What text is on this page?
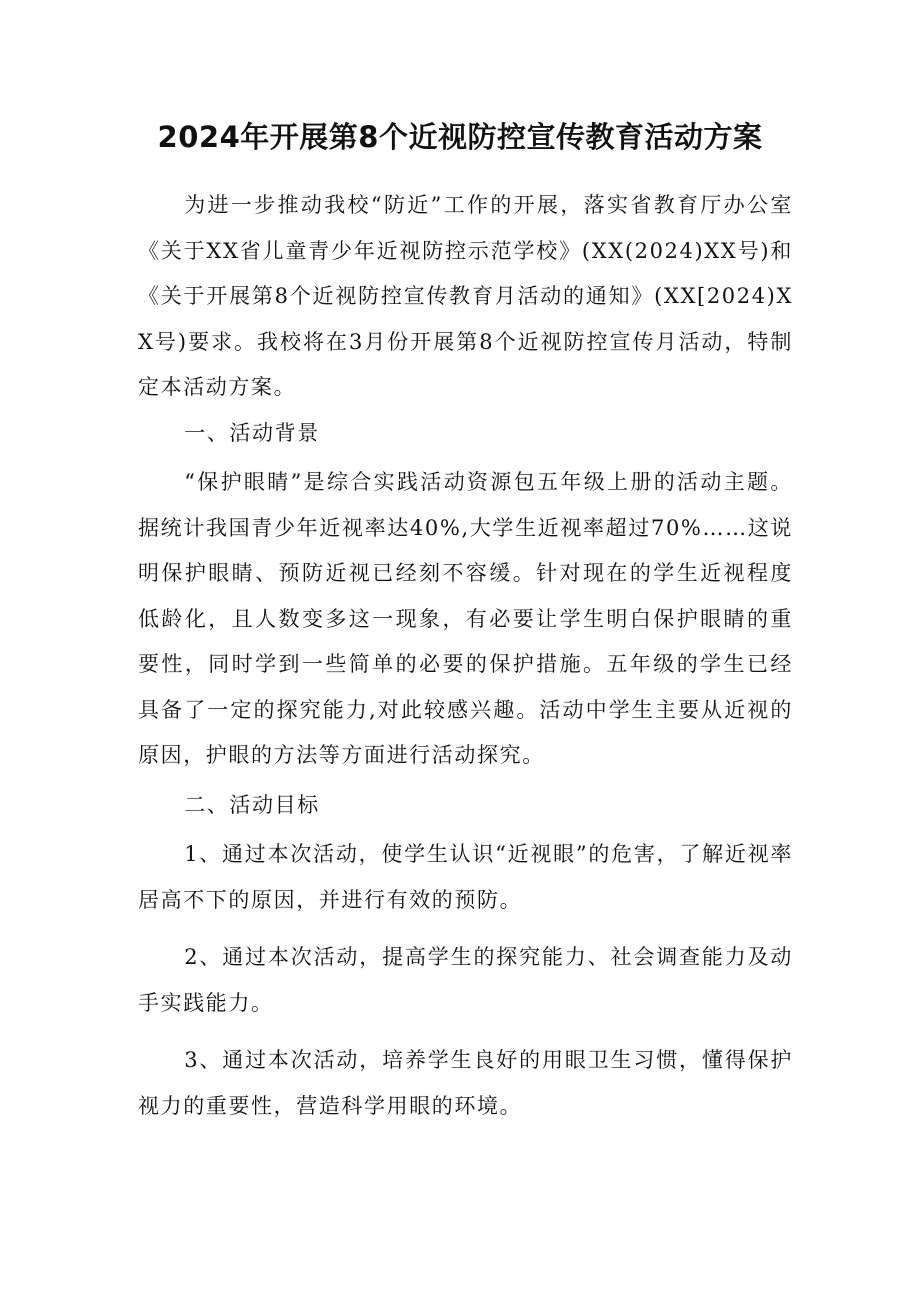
2024年开展第8个近视防控宣传教育活动方案

为进一步推动我校“防近”工作的开展，落实省教育厅办公室《关于XX省儿童青少年近视防控示范学校》(XX(2024)XX号)和《关于开展第8个近视防控宣传教育月活动的通知》(XX[2024)XX号)要求。我校将在3月份开展第8个近视防控宣传月活动，特制定本活动方案。

一、活动背景

“保护眼睛”是综合实践活动资源包五年级上册的活动主题。据统计我国青少年近视率达40%,大学生近视率超过70%……这说明保护眼睛、预防近视已经刻不容缓。针对现在的学生近视程度低龄化，且人数变多这一现象，有必要让学生明白保护眼睛的重要性，同时学到一些简单的必要的保护措施。五年级的学生已经具备了一定的探究能力,对此较感兴趣。活动中学生主要从近视的原因，护眼的方法等方面进行活动探究。

二、活动目标

1、通过本次活动，使学生认识“近视眼”的危害，了解近视率居高不下的原因，并进行有效的预防。

2、通过本次活动，提高学生的探究能力、社会调查能力及动手实践能力。

3、通过本次活动，培养学生良好的用眼卫生习惯，懂得保护视力的重要性，营造科学用眼的环境。
